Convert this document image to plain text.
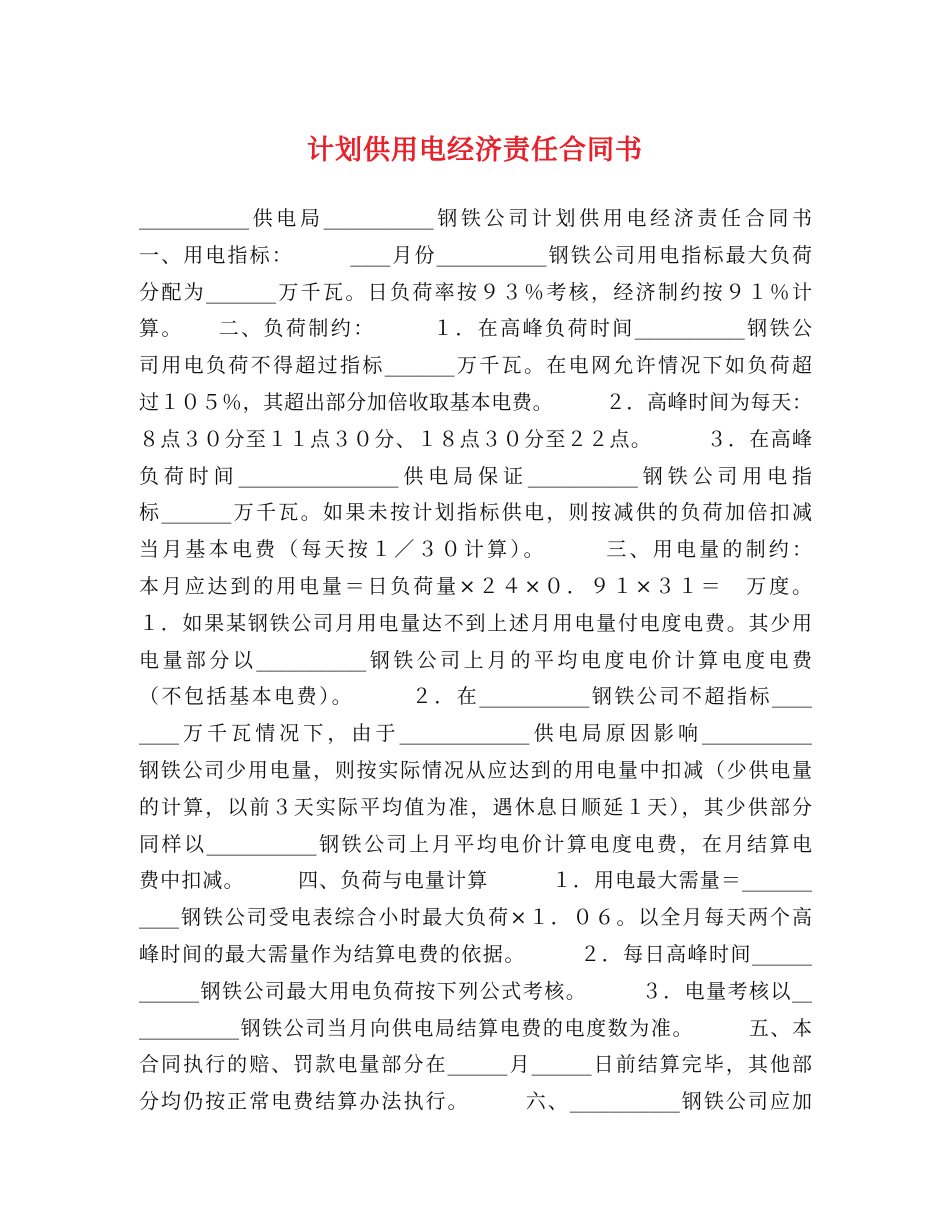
计划供用电经济责任合同书
___________供电局___________钢铁公司计划供用电经济责任合同书
一、用电指标：　　　____月份___________钢铁公司用电指标最大负荷
分配为_______万千瓦。日负荷率按９３％考核，经济制约按９１％计
算。　　二、负荷制约：　　　１．在高峰负荷时间___________钢铁公
司用电负荷不得超过指标_______万千瓦。在电网允许情况下如负荷超
过１０５％，其超出部分加倍收取基本电费。　　　２．高峰时间为每天：
８点３０分至１１点３０分、１８点３０分至２２点。　　　３．在高峰
负荷时间________________供电局保证___________钢铁公司用电指
标_______万千瓦。如果未按计划指标供电，则按减供的负荷加倍扣减
当月基本电费（每天按１／３０计算）。　　　三、用电量的制约：
本月应达到的用电量＝日负荷量×２４×０．９１×３１＝　万度。
１．如果某钢铁公司月用电量达不到上述月用电量付电度电费。其少用
电量部分以___________钢铁公司上月的平均电度电价计算电度电费
（不包括基本电费）。　　　２．在___________钢铁公司不超指标____
____万千瓦情况下，由于_____________供电局原因影响___________
钢铁公司少用电量，则按实际情况从应达到的用电量中扣减（少供电量
的计算，以前３天实际平均值为准，遇休息日顺延１天），其少供部分
同样以___________钢铁公司上月平均电价计算电度电费，在月结算电
费中扣减。　　　四、负荷与电量计算　　　１．用电最大需量＝_______
____钢铁公司受电表综合小时最大负荷×１．０６。以全月每天两个高
峰时间的最大需量作为结算电费的依据。　　　２．每日高峰时间______
______钢铁公司最大用电负荷按下列公式考核。　　　３．电量考核以__
__________钢铁公司当月向供电局结算电费的电度数为准。　　　五、本
合同执行的赔、罚款电量部分在______月______日前结算完毕，其他部
分均仍按正常电费结算办法执行。　　　六、___________钢铁公司应加
